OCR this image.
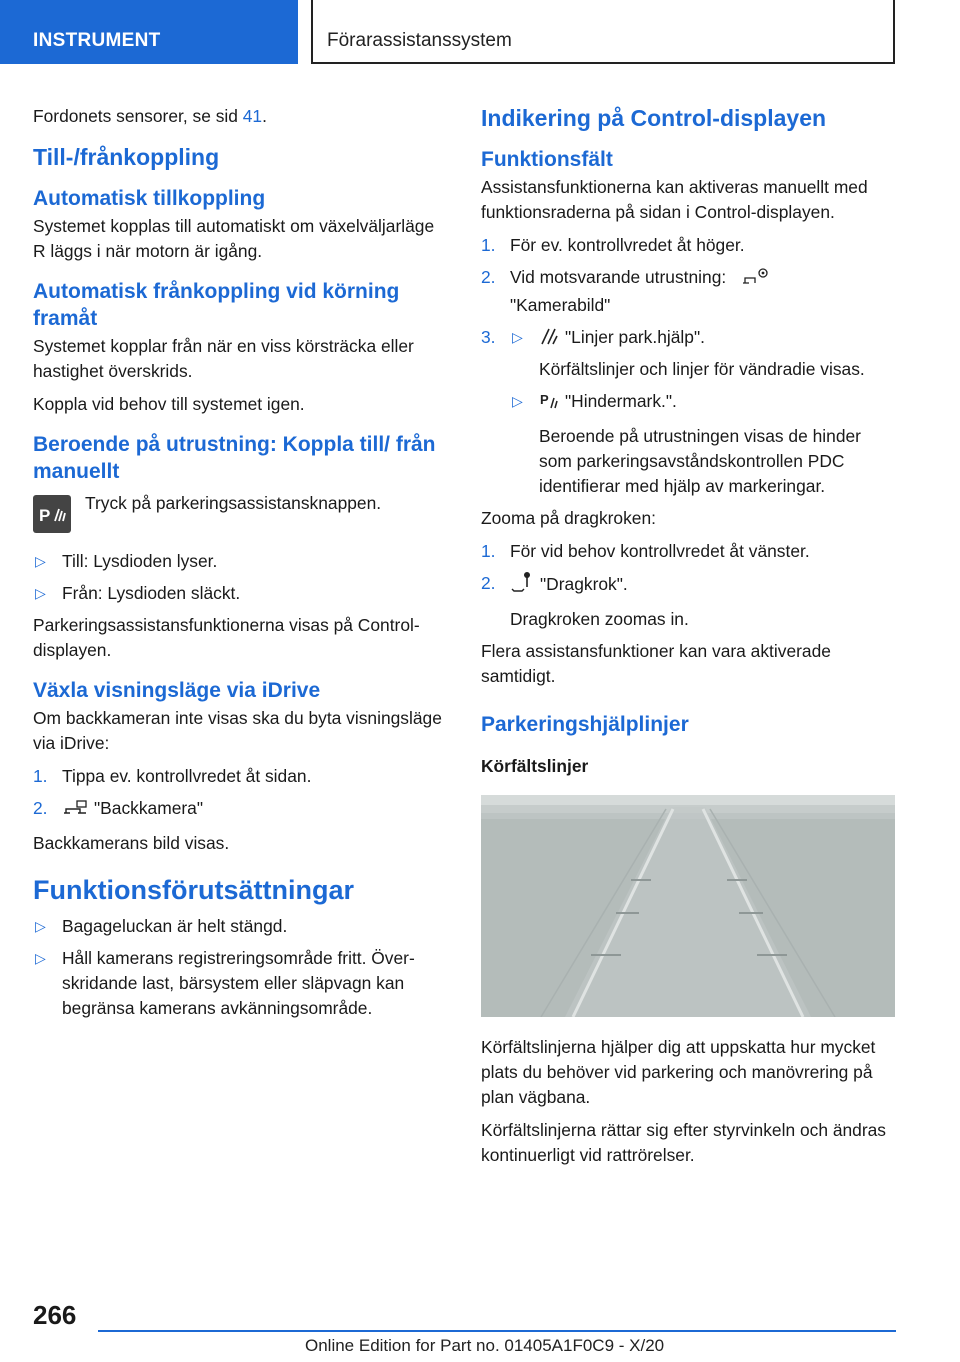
INSTRUMENT	Förarassistanssystem

Fordonets sensorer, se sid 41.

Till-/frånkoppling
Automatisk tillkoppling

Systemet kopplas till automatiskt om växelväljarläge R läggs i när motorn är igång.

Automatisk frånkoppling vid körning framåt

Systemet kopplar från när en viss körsträcka eller hastighet överskrids.

Koppla vid behov till systemet igen.

Beroende på utrustning: Koppla till/ från manuellt
P
Tryck på parkeringsassistansknappen.
▷ Till: Lysdioden lyser.
▷ Från: Lysdioden släckt.

Parkeringsassistansfunktionerna visas på Control-displayen.

Växla visningsläge via iDrive

Om backkameran inte visas ska du byta visningsläge via iDrive:

1. Tippa ev. kontrollvredet åt sidan.
2.	"Backkamera"

Backkamerans bild visas.

Funktionsförutsättningar
▷ Bagageluckan är helt stängd.
▷ Håll kamerans registreringsområde fritt. Överskridande last, bärsystem eller släpvagn kan begränsa kamerans avkänningsområde.
Indikering på Control-displayen
Funktionsfält

Assistansfunktionerna kan aktiveras manuellt med funktionsraderna på sidan i Control-displayen.

1. För ev. kontrollvredet åt höger.
2. Vid motsvarande utrustning:
"Kamerabild"
3. ▷ "Linjer park.hjälp".
Körfältslinjer och linjer för vändradie visas.
▷ P "Hindermark.".
Beroende på utrustningen visas de hinder som parkeringsavståndskontrollen PDC identifierar med hjälp av markeringar.

Zooma på dragkroken:

1. För vid behov kontrollvredet åt vänster.
2.	"Dragkrok".
Dragkroken zoomas in.

Flera assistansfunktioner kan vara aktiverade samtidigt.

Parkeringshjälplinjer
Körfältslinjer

Körfältslinjerna hjälper dig att uppskatta hur mycket plats du behöver vid parkering och manövrering på plan vägbana.

Körfältslinjerna rättar sig efter styrvinkeln och ändras kontinuerligt vid rattrörelser.

266
Online Edition for Part no. 01405A1F0C9 - X/20
